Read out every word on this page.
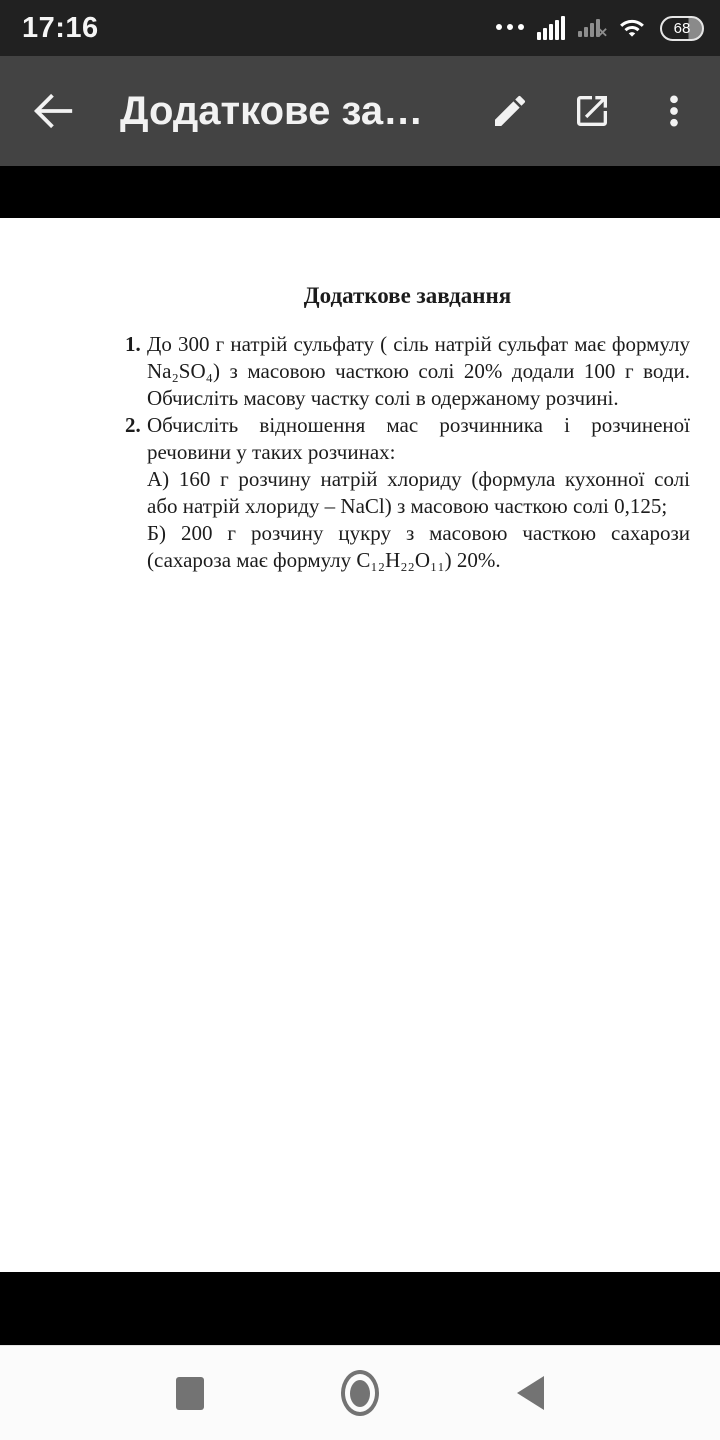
17:16	✕	68
Додаткове за…
Додаткове завдання
1. До 300 г натрій сульфату ( сіль натрій сульфат має формулу Na₂SO₄) з масовою часткою солі 20% додали 100 г води. Обчисліть масову частку солі в одержаному розчині.

2. Обчисліть відношення мас розчинника і розчиненої речовини у таких розчинах:

А) 160 г розчину натрій хлориду (формула кухонної солі або натрій хлориду – NaCl) з масовою часткою солі 0,125;

Б) 200 г розчину цукру з масовою часткою сахарози (сахароза має формулу C₁₂H₂₂O₁₁) 20%.
